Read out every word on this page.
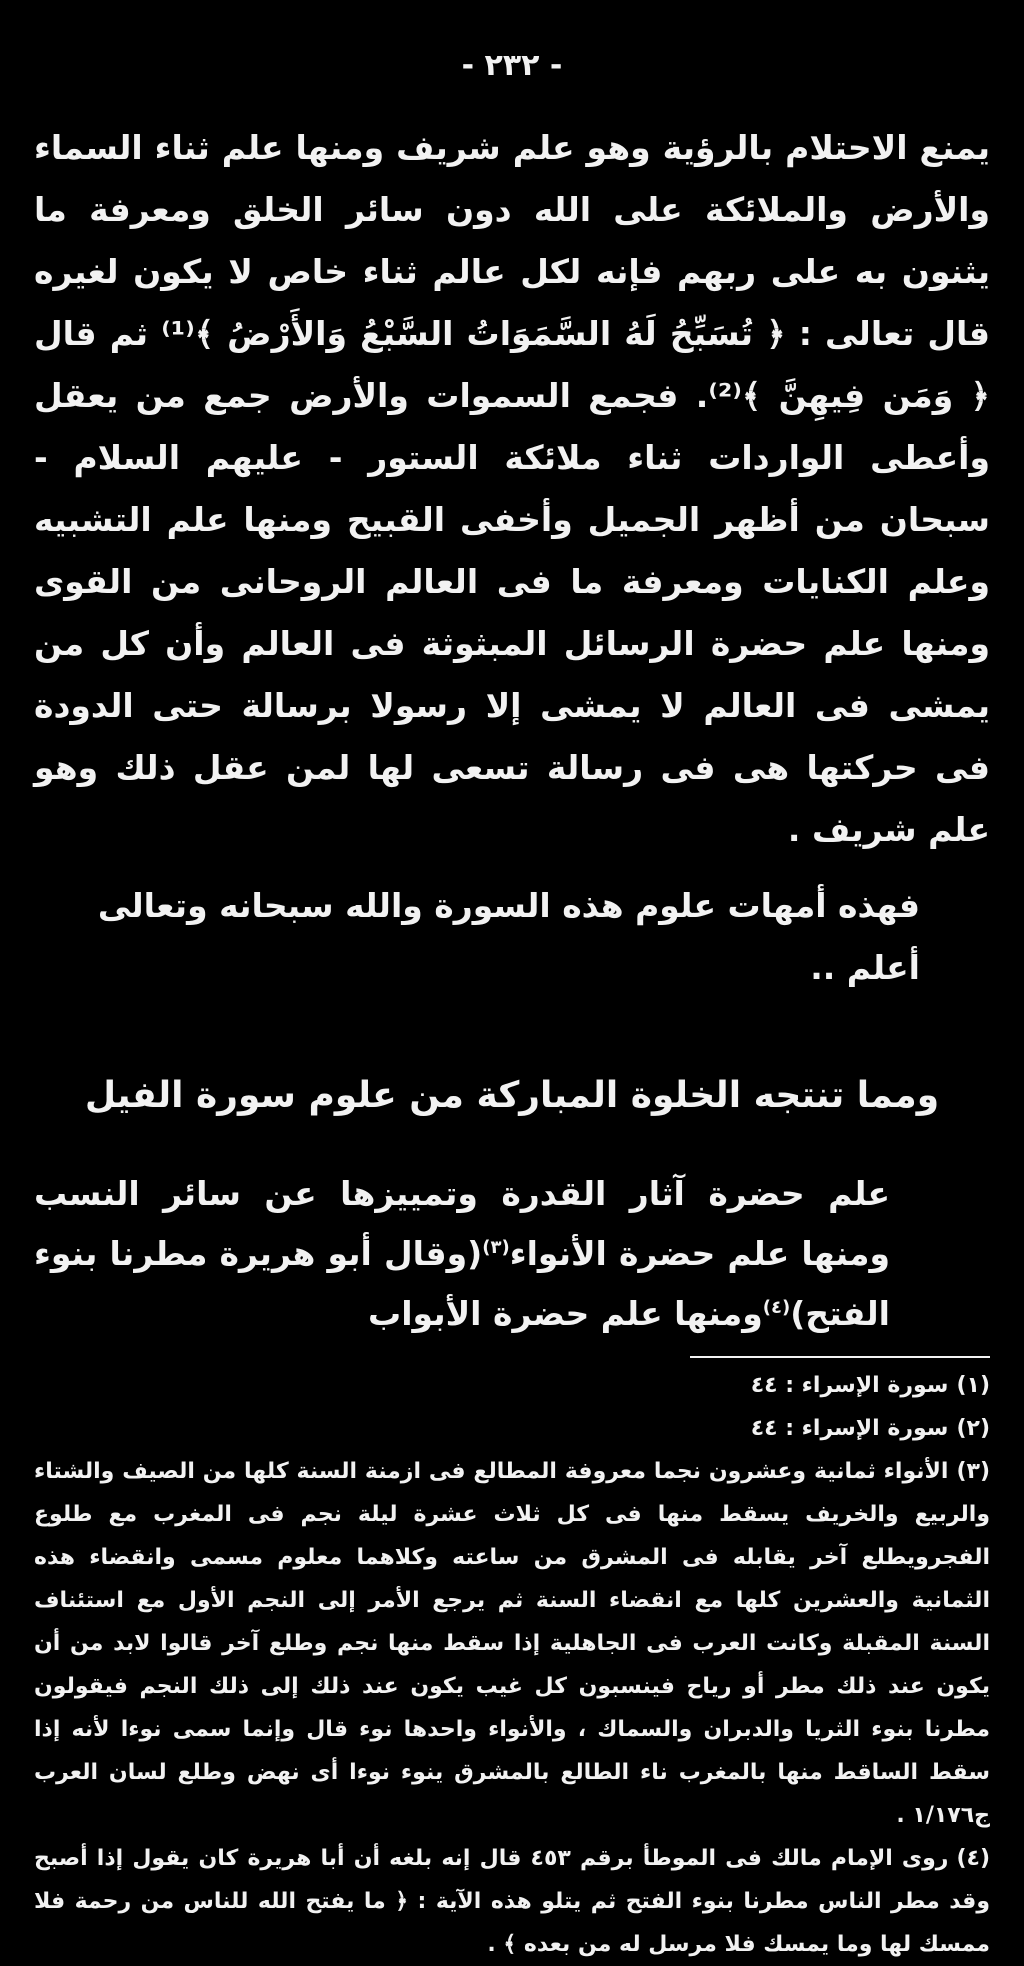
- ٢٣٢ -

يمنع الاحتلام بالرؤية وهو علم شريف ومنها علم ثناء السماء والأرض والملائكة على الله دون سائر الخلق ومعرفة ما يثنون به على ربهم فإنه لكل عالم ثناء خاص لا يكون لغيره قال تعالى : ﴿ تُسَبِّحُ لَهُ السَّمَوَاتُ السَّبْعُ وَالأَرْضُ ﴾⁽¹⁾ ثم قال ﴿ وَمَن فِيهِنَّ ﴾⁽²⁾. فجمع السموات والأرض جمع من يعقل وأعطى الواردات ثناء ملائكة الستور - عليهم السلام - سبحان من أظهر الجميل وأخفى القبيح ومنها علم التشبيه وعلم الكنايات ومعرفة ما فى العالم الروحانى من القوى ومنها علم حضرة الرسائل المبثوثة فى العالم وأن كل من يمشى فى العالم لا يمشى إلا رسولا برسالة حتى الدودة فى حركتها هى فى رسالة تسعى لها لمن عقل ذلك وهو علم شريف .

فهذه أمهات علوم هذه السورة والله سبحانه وتعالى أعلم ..
ومما تنتجه الخلوة المباركة من علوم سورة الفيل
علم حضرة آثار القدرة وتمييزها عن سائر النسب ومنها علم حضرة الأنواء$^{(٣)}$(وقال أبو هريرة مطرنا بنوء الفتح)$^{(٤)}$ومنها علم حضرة الأبواب

(١)سورة الإسراء : ٤٤

(٢)سورة الإسراء : ٤٤

(٣)الأنواء ثمانية وعشرون نجما معروفة المطالع فى ازمنة السنة كلها من الصيف والشتاء والربيع والخريف يسقط منها فى كل ثلاث عشرة ليلة نجم فى المغرب مع طلوع الفجرويطلع آخر يقابله فى المشرق من ساعته وكلاهما معلوم مسمى وانقضاء هذه الثمانية والعشرين كلها مع انقضاء السنة ثم يرجع الأمر إلى النجم الأول مع استئناف السنة المقبلة وكانت العرب فى الجاهلية إذا سقط منها نجم وطلع آخر قالوا لابد من أن يكون عند ذلك مطر أو رياح فينسبون كل غيب يكون عند ذلك إلى ذلك النجم فيقولون مطرنا بنوء الثريا والدبران والسماك ، والأنواء واحدها نوء قال وإنما سمى نوءا لأنه إذا سقط الساقط منها بالمغرب ناء الطالع بالمشرق ينوء نوءا أى نهض وطلع لسان العرب ج١/١٧٦ .

(٤)روى الإمام مالك فى الموطأ برقم ٤٥٣ قال إنه بلغه أن أبا هريرة كان يقول إذا أصبح وقد مطر الناس مطرنا بنوء الفتح ثم يتلو هذه الآية : ﴿ ما يفتح الله للناس من رحمة فلا ممسك لها وما يمسك فلا مرسل له من بعده ﴾ .
